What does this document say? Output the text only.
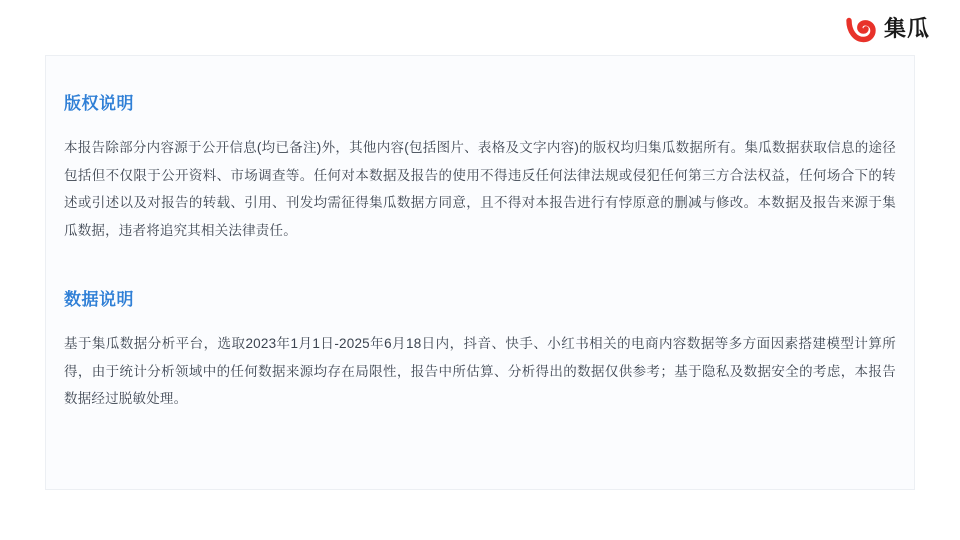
集瓜
版权说明

本报告除部分内容源于公开信息(均已备注)外，其他内容(包括图片、表格及文字内容)的版权均归集瓜数据所有。集瓜数据获取信息的途径包括但不仅限于公开资料、市场调查等。任何对本数据及报告的使用不得违反任何法律法规或侵犯任何第三方合法权益，任何场合下的转述或引述以及对报告的转载、引用、刊发均需征得集瓜数据方同意，且不得对本报告进行有悖原意的删减与修改。本数据及报告来源于集瓜数据，违者将追究其相关法律责任。

数据说明

基于集瓜数据分析平台，选取2023年1月1日-2025年6月18日内，抖音、快手、小红书相关的电商内容数据等多方面因素搭建模型计算所得，由于统计分析领域中的任何数据来源均存在局限性，报告中所估算、分析得出的数据仅供参考；基于隐私及数据安全的考虑，本报告数据经过脱敏处理。
